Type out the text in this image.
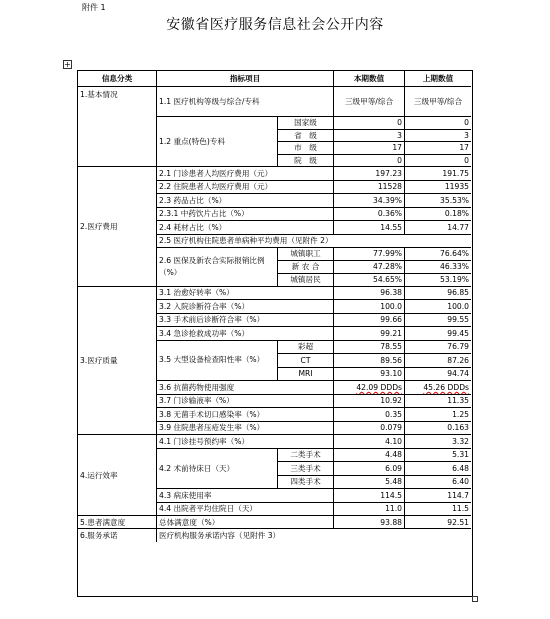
附件 1
安徽省医疗服务信息社会公开内容
+
信息分类	指标项目	本期数值	上期数值
1.基本情况
1.1 医疗机构等级与综合/专科	三级甲等/综合	三级甲等/综合
1.2 重点(特色)专科
国家级	0	0
省　级	3	3
市　级	17	17
院　级	0	0
2.医疗费用
2.1 门诊患者人均医疗费用（元）	197.23	191.75
2.2 住院患者人均医疗费用（元）	11528	11935
2.3 药品占比（%）	34.39%	35.53%
2.3.1 中药饮片占比（%）	0.36%	0.18%
2.4 耗材占比（%）	14.55	14.77
2.5 医疗机构住院患者单病种平均费用（见附件 2）
2.6 医保及新农合实际报销比例（%）
城镇职工	77.99%	76.64%
新 农 合	47.28%	46.33%
城镇居民	54.65%	53.19%
3.医疗质量
3.1 治愈好转率（%）	96.38	96.85
3.2 入院诊断符合率（%）	100.0	100.0
3.3 手术前后诊断符合率（%）	99.66	99.55
3.4 急诊抢救成功率（%）	99.21	99.45
3.5 大型设备检查阳性率（%）
彩超	78.55	76.79
CT	89.56	87.26
MRI	93.10	94.74
3.6 抗菌药物使用强度	42.09 DDDs	45.26 DDDs
3.7 门诊输液率（%）	10.92	11.35
3.8 无菌手术切口感染率（%）	0.35	1.25
3.9 住院患者压疮发生率（%）	0.079	0.163
4.运行效率
4.1 门诊挂号预约率（%）	4.10	3.32
4.2 术前待床日（天）
二类手术	4.48	5.31
三类手术	6.09	6.48
四类手术	5.48	6.40
4.3 病床使用率	114.5	114.7
4.4 出院者平均住院日（天）	11.0	11.5
5.患者满意度	总体满意度（%）	93.88	92.51
6.服务承诺	医疗机构服务承诺内容（见附件 3）
